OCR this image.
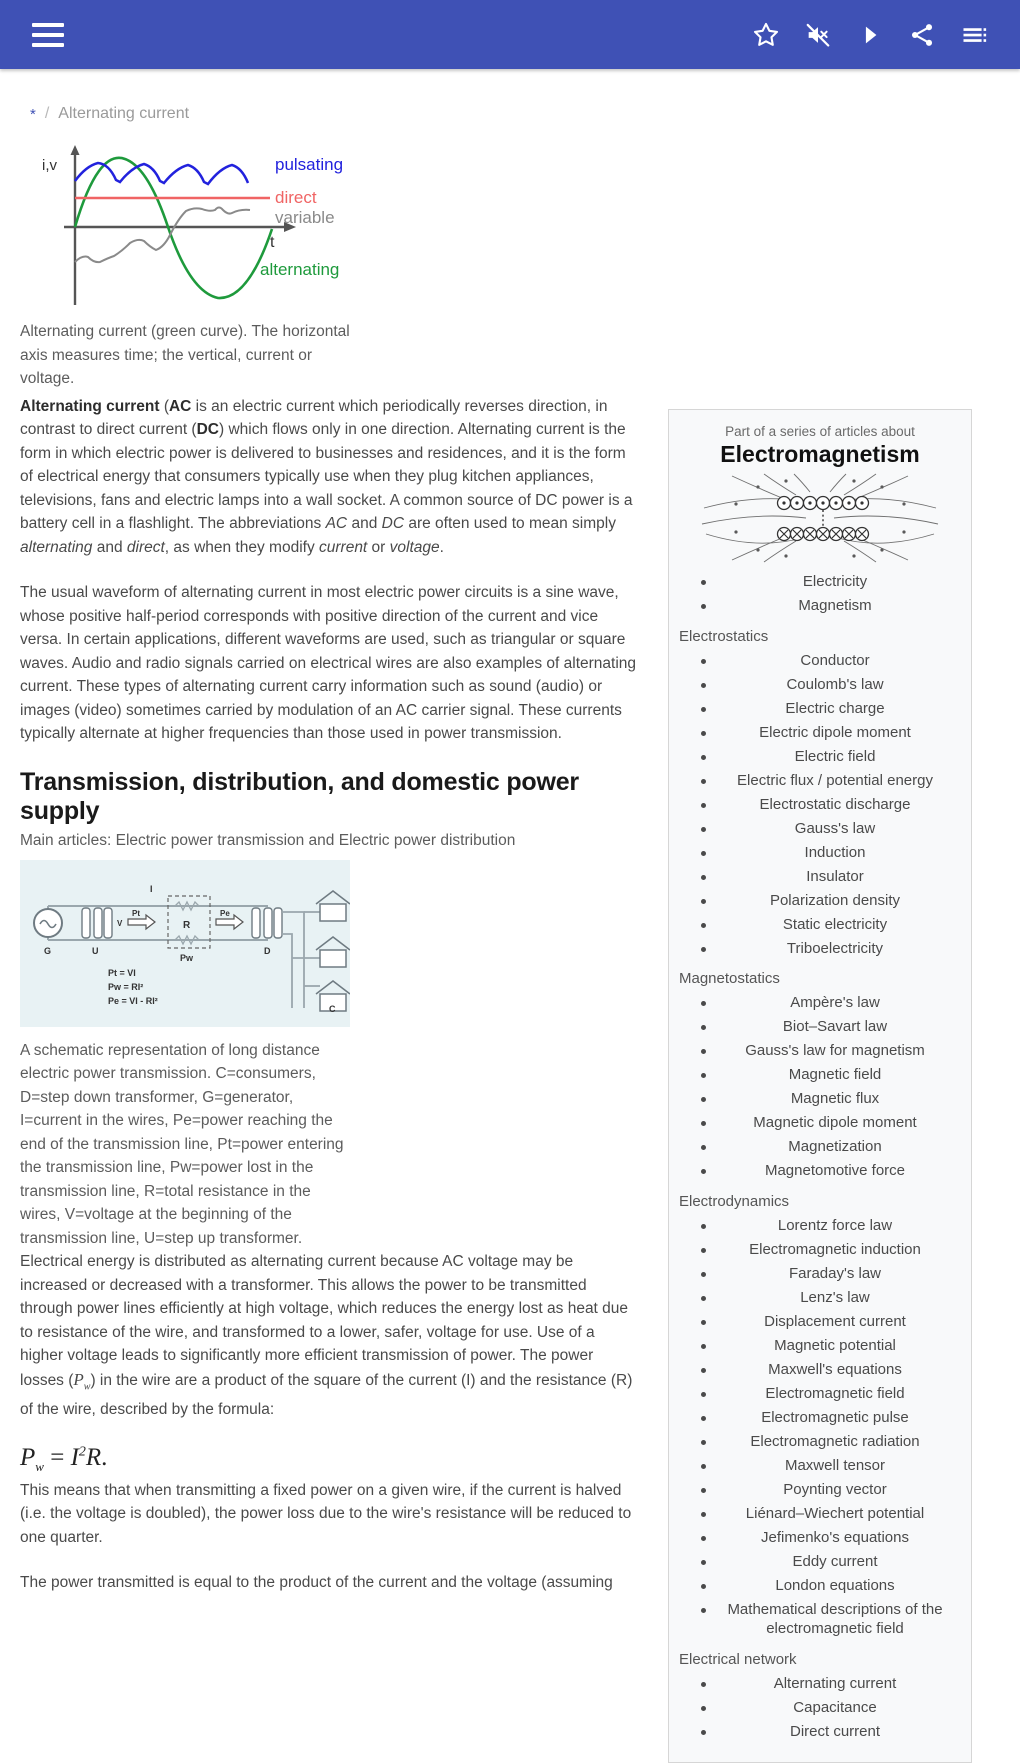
* / Alternating current
i,v
t
pulsating
direct
variable
alternating

Alternating current (green curve). The horizontal axis measures time; the vertical, current or voltage.

Alternating current (AC is an electric current which periodically reverses direction, in contrast to direct current (DC) which flows only in one direction. Alternating current is the form in which electric power is delivered to businesses and residences, and it is the form of electrical energy that consumers typically use when they plug kitchen appliances, televisions, fans and electric lamps into a wall socket. A common source of DC power is a battery cell in a flashlight. The abbreviations AC and DC are often used to mean simply alternating and direct, as when they modify current or voltage.

The usual waveform of alternating current in most electric power circuits is a sine wave, whose positive half-period corresponds with positive direction of the current and vice versa. In certain applications, different waveforms are used, such as triangular or square waves. Audio and radio signals carried on electrical wires are also examples of alternating current. These types of alternating current carry information such as sound (audio) or images (video) sometimes carried by modulation of an AC carrier signal. These currents typically alternate at higher frequencies than those used in power transmission.

Transmission, distribution, and domestic power supply

Main articles: Electric power transmission and Electric power distribution

G	U
V
Pt
I
R
Pw
Pe
D
C
Pt = VI
Pw = RI²
Pe = VI - RI²

A schematic representation of long distance electric power transmission. C=consumers, D=step down transformer, G=generator, I=current in the wires, Pe=power reaching the end of the transmission line, Pt=power entering the transmission line, Pw=power lost in the transmission line, R=total resistance in the wires, V=voltage at the beginning of the transmission line, U=step up transformer.

Electrical energy is distributed as alternating current because AC voltage may be increased or decreased with a transformer. This allows the power to be transmitted through power lines efficiently at high voltage, which reduces the energy lost as heat due to resistance of the wire, and transformed to a lower, safer, voltage for use. Use of a higher voltage leads to significantly more efficient transmission of power. The power losses $(P_w)$ in the wire are a product of the square of the current (I) and the resistance (R) of the wire, described by the formula:

$P_w = I^2R$.

This means that when transmitting a fixed power on a given wire, if the current is halved (i.e. the voltage is doubled), the power loss due to the wire's resistance will be reduced to one quarter.

The power transmitted is equal to the product of the current and the voltage (assuming

Part of a series of articles about
Electromagnetism
Electricity
Magnetism
Electrostatics
Conductor
Coulomb's law
Electric charge
Electric dipole moment
Electric field
Electric flux / potential energy
Electrostatic discharge
Gauss's law
Induction
Insulator
Polarization density
Static electricity
Triboelectricity
Magnetostatics
Ampère's law
Biot–Savart law
Gauss's law for magnetism
Magnetic field
Magnetic flux
Magnetic dipole moment
Magnetization
Magnetomotive force
Electrodynamics
Lorentz force law
Electromagnetic induction
Faraday's law
Lenz's law
Displacement current
Magnetic potential
Maxwell's equations
Electromagnetic field
Electromagnetic pulse
Electromagnetic radiation
Maxwell tensor
Poynting vector
Liénard–Wiechert potential
Jefimenko's equations
Eddy current
London equations
Mathematical descriptions of the electromagnetic field
Electrical network
Alternating current
Capacitance
Direct current
